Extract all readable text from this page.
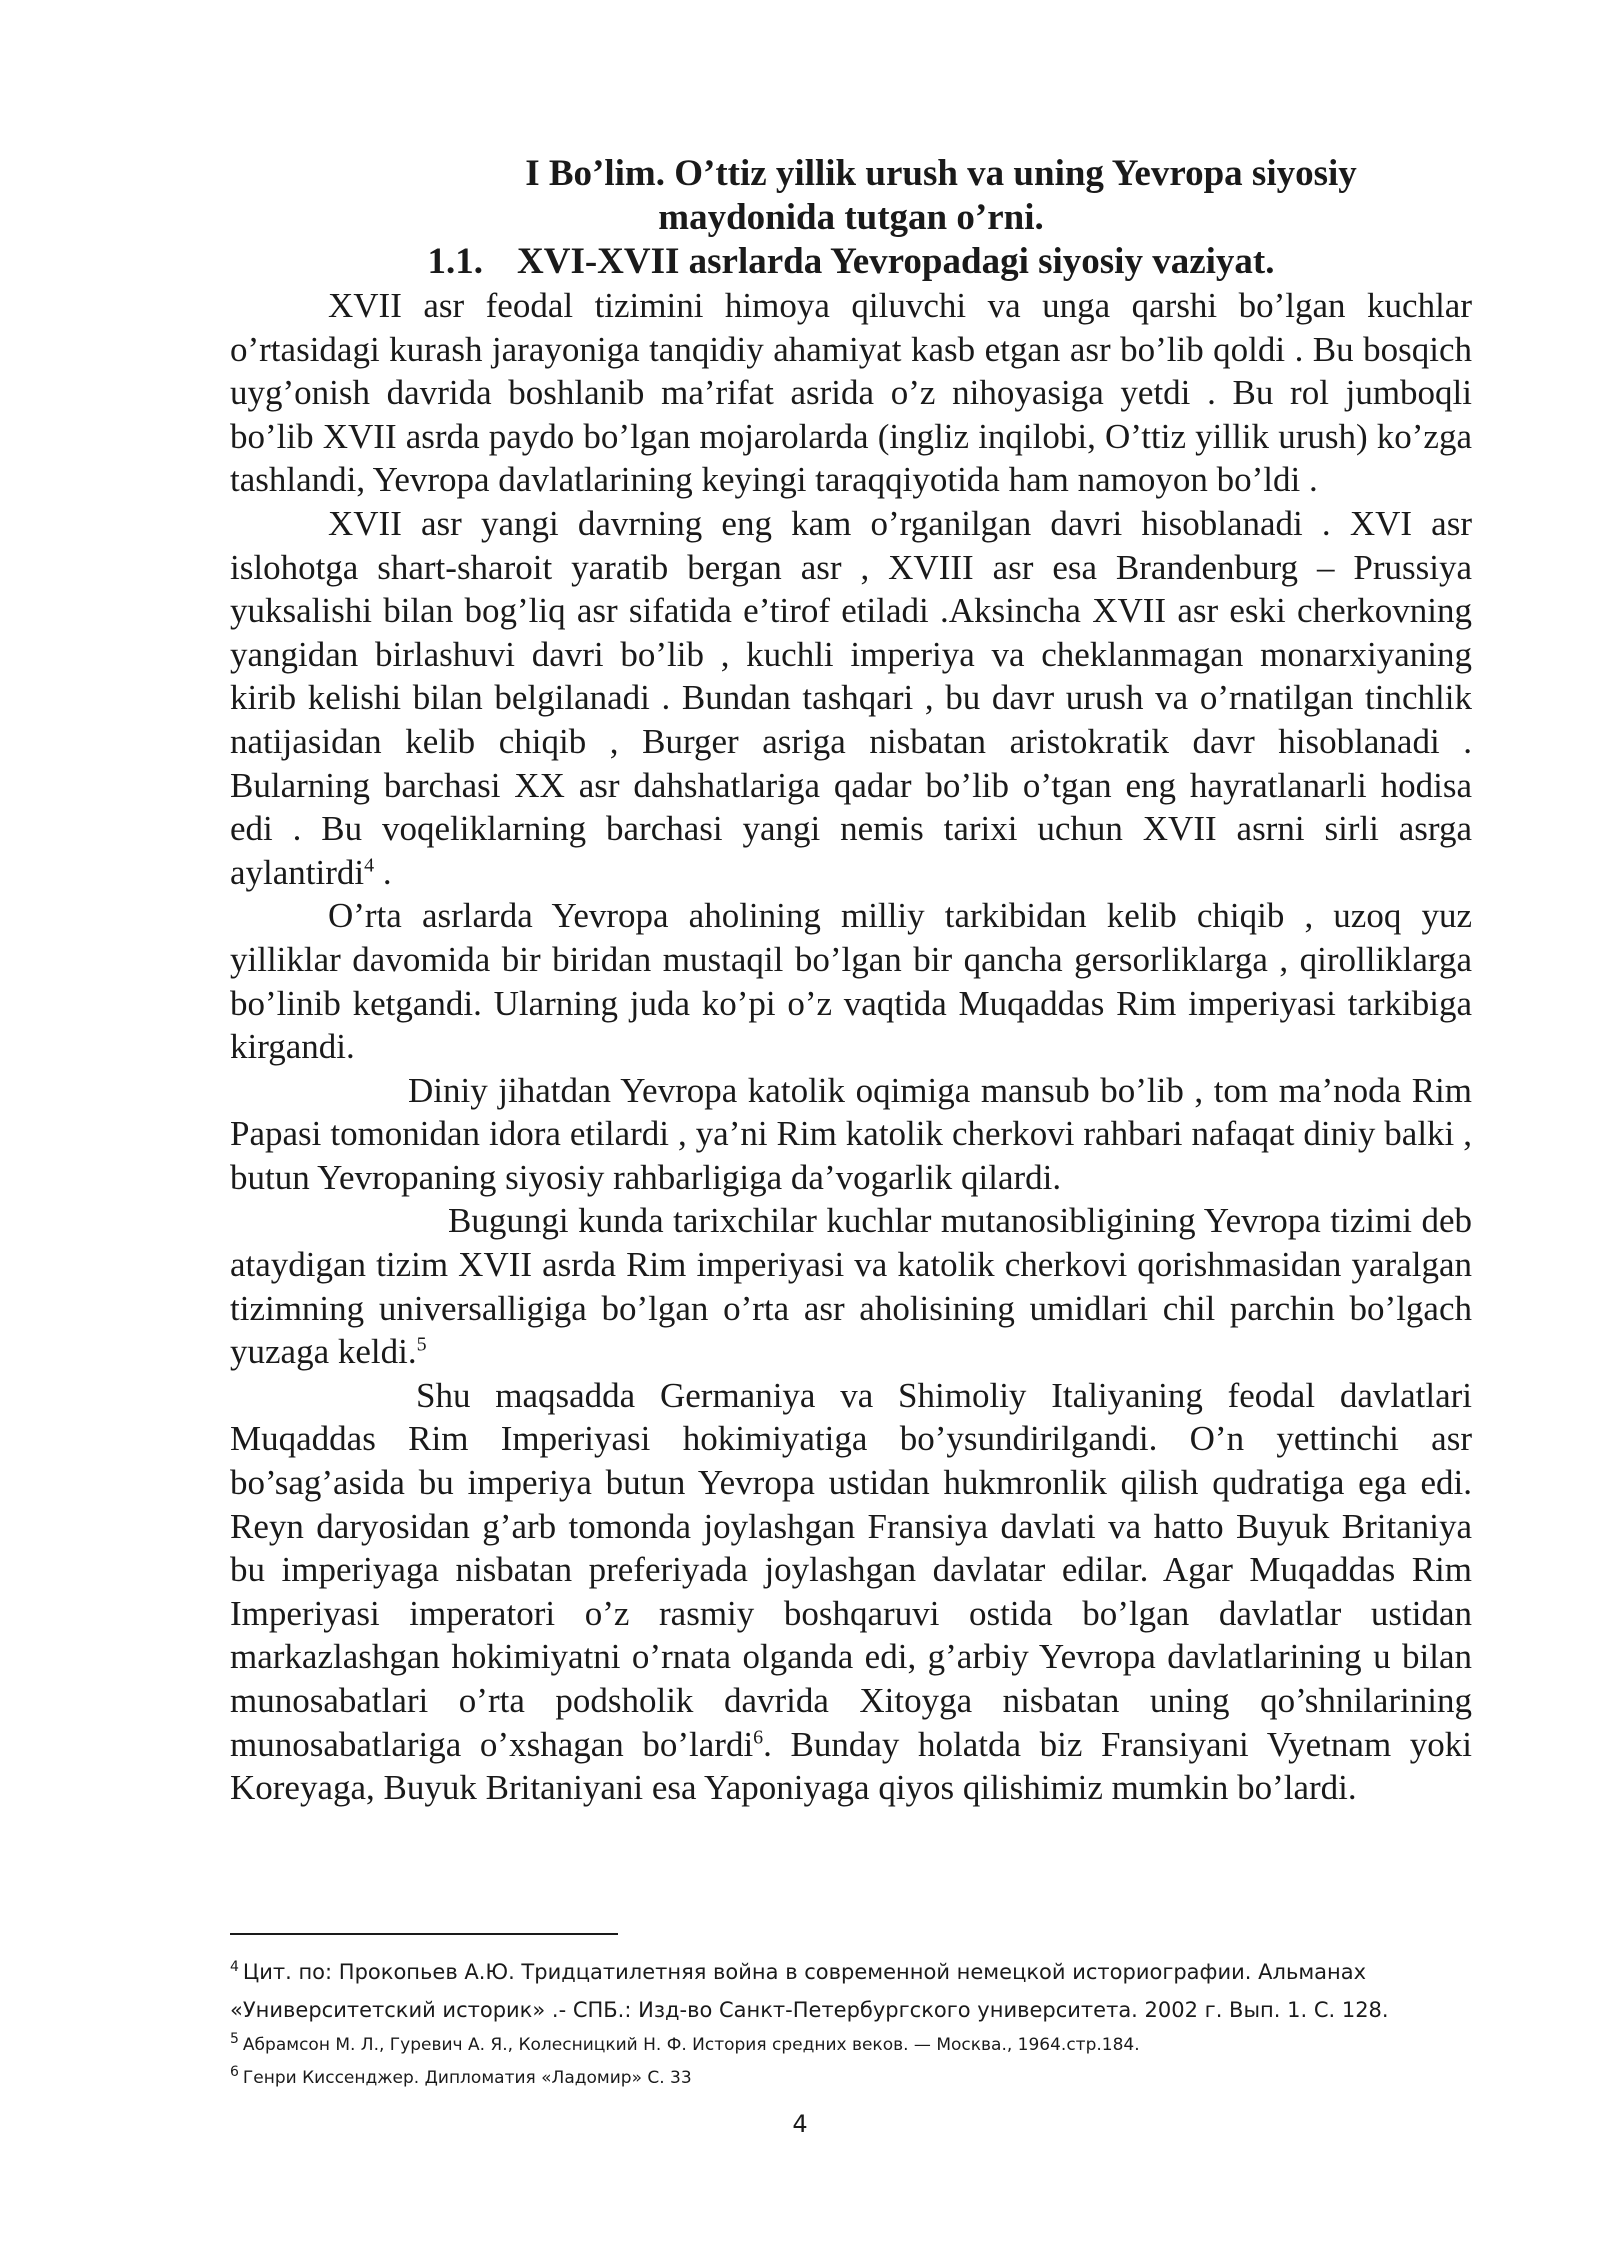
I Bo’lim. O’ttiz yillik urush va uning Yevropa siyosiy
maydonida tutgan o’rni.
1.1. XVI-XVII asrlarda Yevropadagi siyosiy vaziyat.

XVII asr feodal tizimini himoya qiluvchi va unga qarshi bo’lgan kuchlar o’rtasidagi kurash jarayoniga tanqidiy ahamiyat kasb etgan asr bo’lib qoldi . Bu bosqich uyg’onish davrida boshlanib ma’rifat asrida o’z nihoyasiga yetdi . Bu rol jumboqli bo’lib XVII asrda paydo bo’lgan mojarolarda (ingliz inqilobi, O’ttiz yillik urush) ko’zga tashlandi, Yevropa davlatlarining keyingi taraqqiyotida ham namoyon bo’ldi .

XVII asr yangi davrning eng kam o’rganilgan davri hisoblanadi . XVI asr islohotga shart-sharoit yaratib bergan asr , XVIII asr esa Brandenburg – Prussiya yuksalishi bilan bog’liq asr sifatida e’tirof etiladi .Aksincha XVII asr eski cherkovning yangidan birlashuvi davri bo’lib , kuchli imperiya va cheklanmagan monarxiyaning kirib kelishi bilan belgilanadi . Bundan tashqari , bu davr urush va o’rnatilgan tinchlik natijasidan kelib chiqib , Burger asriga nisbatan aristokratik davr hisoblanadi . Bularning barchasi XX asr dahshatlariga qadar bo’lib o’tgan eng hayratlanarli hodisa edi . Bu voqeliklarning barchasi yangi nemis tarixi uchun XVII asrni sirli asrga aylantirdi$^4$ .

O’rta asrlarda Yevropa aholining milliy tarkibidan kelib chiqib , uzoq yuz yilliklar davomida bir biridan mustaqil bo’lgan bir qancha gersorliklarga , qirolliklarga bo’linib ketgandi. Ularning juda ko’pi o’z vaqtida Muqaddas Rim imperiyasi tarkibiga kirgandi.

Diniy jihatdan Yevropa katolik oqimiga mansub bo’lib , tom ma’noda Rim Papasi tomonidan idora etilardi , ya’ni Rim katolik cherkovi rahbari nafaqat diniy balki , butun Yevropaning siyosiy rahbarligiga da’vogarlik qilardi.

Bugungi kunda tarixchilar kuchlar mutanosibligining Yevropa tizimi deb ataydigan tizim XVII asrda Rim imperiyasi va katolik cherkovi qorishmasidan yaralgan tizimning universalligiga bo’lgan o’rta asr aholisining umidlari chil parchin bo’lgach yuzaga keldi.$^5$

Shu maqsadda Germaniya va Shimoliy Italiyaning feodal davlatlari Muqaddas Rim Imperiyasi hokimiyatiga bo’ysundirilgandi. O’n yettinchi asr bo’sag’asida bu imperiya butun Yevropa ustidan hukmronlik qilish qudratiga ega edi. Reyn daryosidan g’arb tomonda joylashgan Fransiya davlati va hatto Buyuk Britaniya bu imperiyaga nisbatan preferiyada joylashgan davlatar edilar. Agar Muqaddas Rim Imperiyasi imperatori o’z rasmiy boshqaruvi ostida bo’lgan davlatlar ustidan markazlashgan hokimiyatni o’rnata olganda edi, g’arbiy Yevropa davlatlarining u bilan munosabatlari o’rta podsholik davrida Xitoyga nisbatan uning qo’shnilarining munosabatlariga o’xshagan bo’lardi$^6$. Bunday holatda biz Fransiyani Vyetnam yoki Koreyaga, Buyuk Britaniyani esa Yaponiyaga qiyos qilishimiz mumkin bo’lardi.

$^4$ Цит. по: Прокопьев А.Ю. Тридцатилетняя война в современной немецкой историографии. Альманах «Университетский историк» .- СПБ.: Изд-во Санкт-Петербургского университета. 2002 г. Вып. 1. С. 128.

$^5$ Абрамсон М. Л., Гуревич А. Я., Колесницкий Н. Ф. История средних веков. — Москва., 1964.стр.184.

$^6$ Генри Киссенджер. Дипломатия «Ладомир» С. 33

4
